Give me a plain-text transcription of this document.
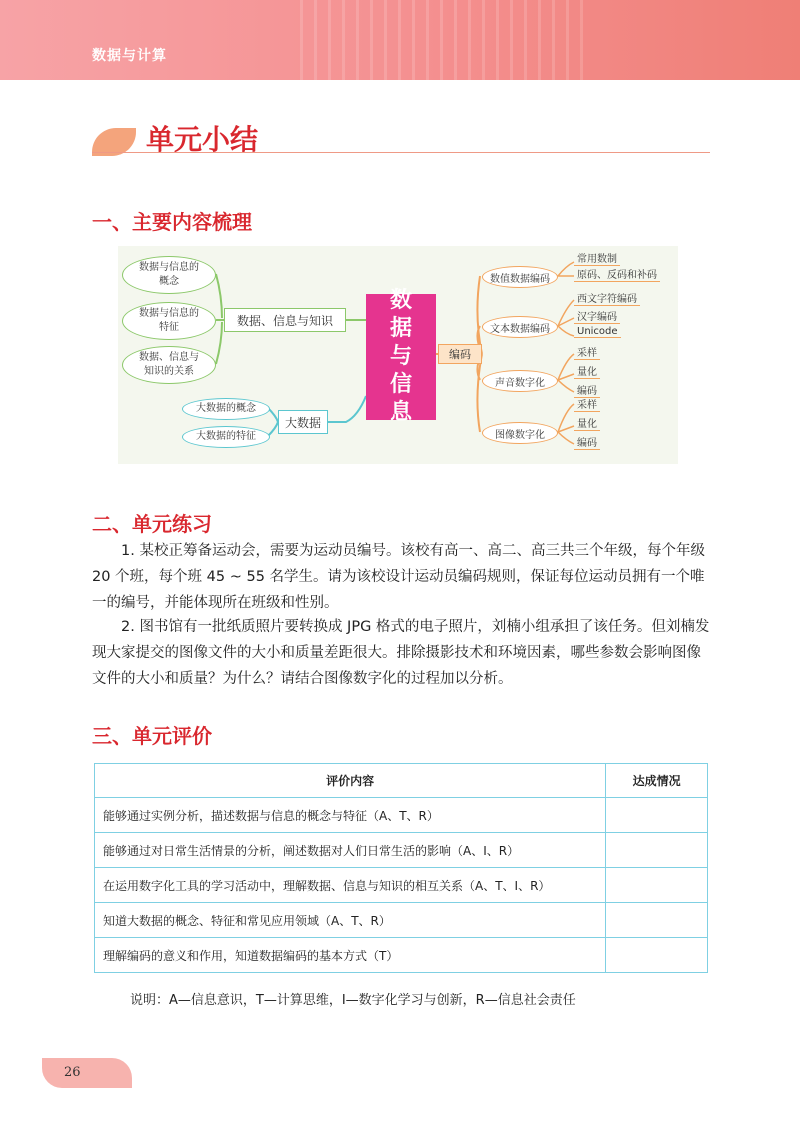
数据与计算
单元小结
一、主要内容梳理
数据与信息的
概念
数据与信息的
特征
数据、信息与
知识的关系
数据、信息与知识
大数据的概念
大数据的特征
大数据
数
据
与
信
息
编码
数值数据编码
文本数据编码
声音数字化
图像数字化
常用数制
原码、反码和补码
西文字符编码
汉字编码
Unicode
采样
量化
编码
采样
量化
编码
二、单元练习
1. 某校正筹备运动会，需要为运动员编号。该校有高一、高二、高三共三个年级，每个年级 20 个班，每个班 45 ~ 55 名学生。请为该校设计运动员编码规则，保证每位运动员拥有一个唯一的编号，并能体现所在班级和性别。
2. 图书馆有一批纸质照片要转换成 JPG 格式的电子照片，刘楠小组承担了该任务。但刘楠发现大家提交的图像文件的大小和质量差距很大。排除摄影技术和环境因素，哪些参数会影响图像文件的大小和质量？为什么？请结合图像数字化的过程加以分析。
三、单元评价
评价内容	达成情况
能够通过实例分析，描述数据与信息的概念与特征（A、T、R）	
能够通过对日常生活情景的分析，阐述数据对人们日常生活的影响（A、I、R）	
在运用数字化工具的学习活动中，理解数据、信息与知识的相互关系（A、T、I、R）	
知道大数据的概念、特征和常见应用领域（A、T、R）	
理解编码的意义和作用，知道数据编码的基本方式（T）	
说明：A—信息意识，T—计算思维，I—数字化学习与创新，R—信息社会责任
26
